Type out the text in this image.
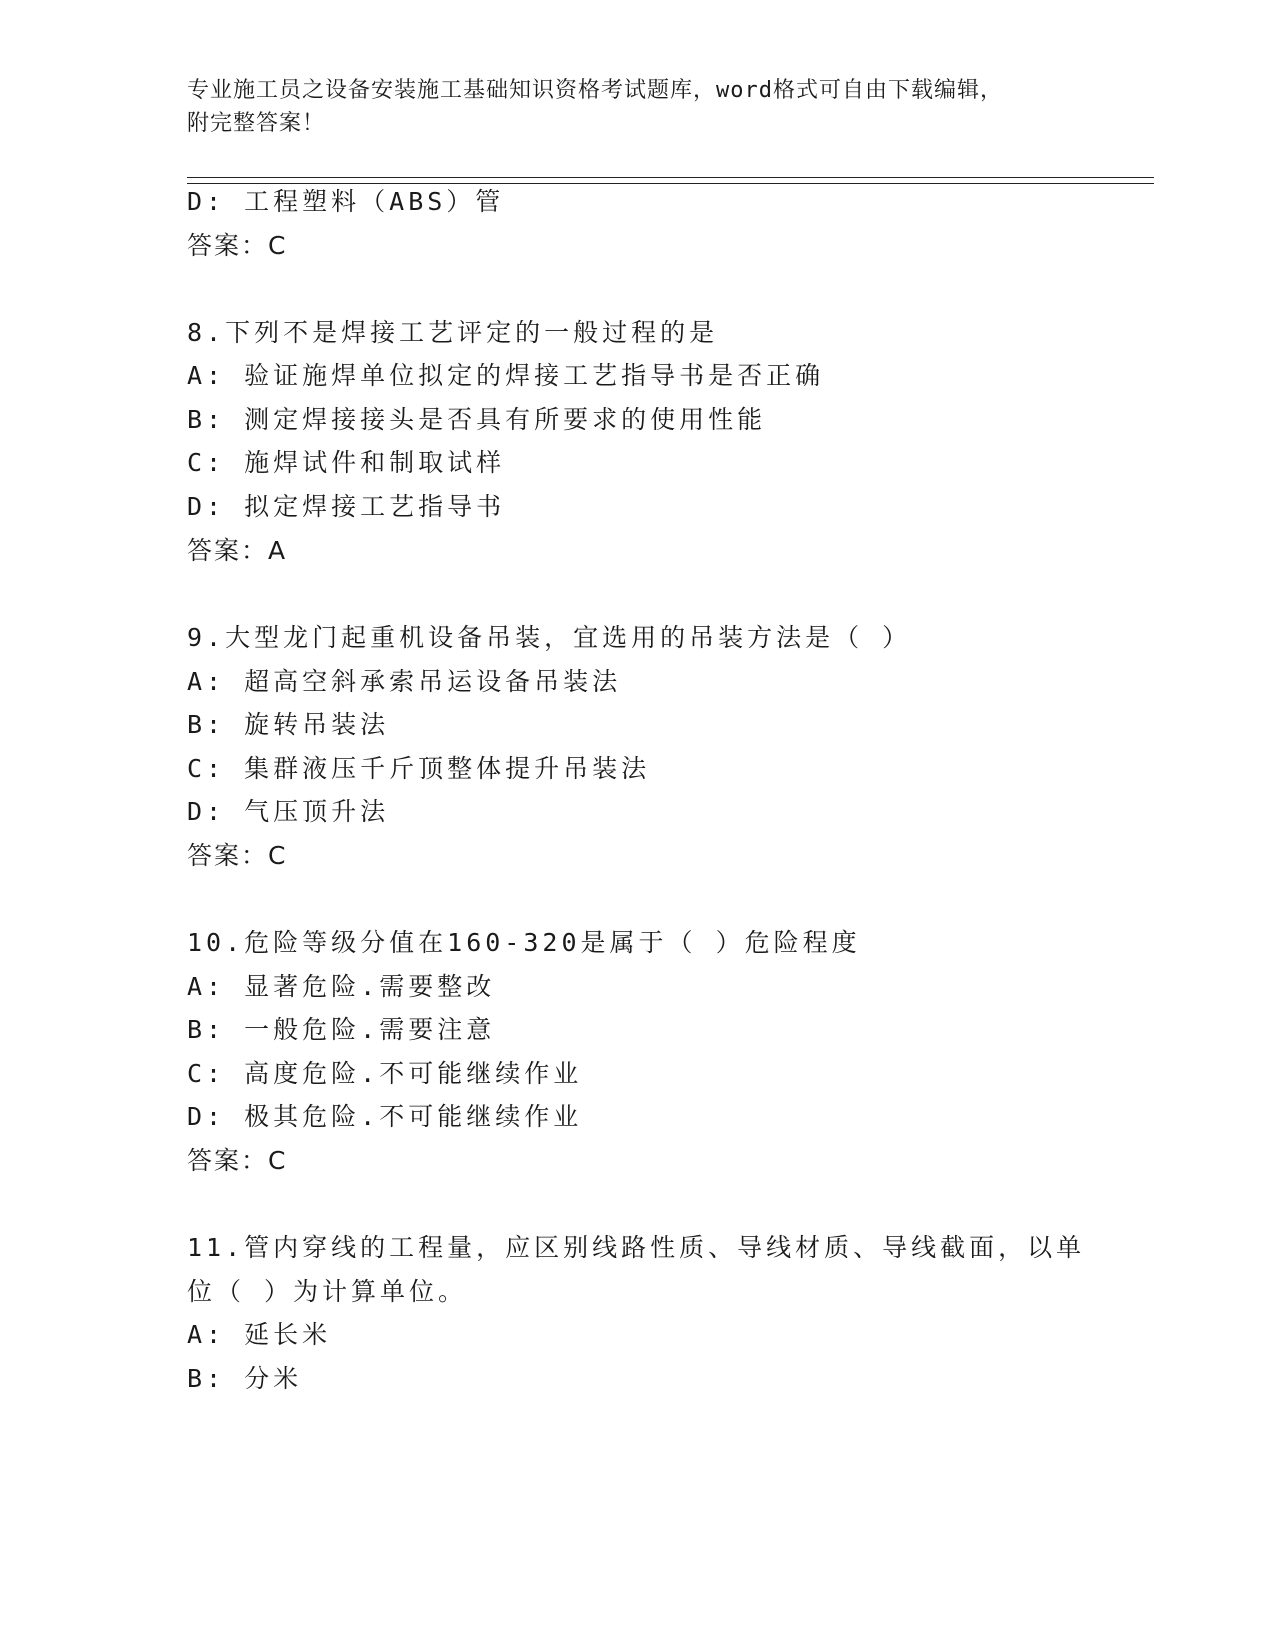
专业施工员之设备安装施工基础知识资格考试题库，word格式可自由下载编辑，
附完整答案！
D: 工程塑料（ABS）管
答案：C
8.下列不是焊接工艺评定的一般过程的是
A: 验证施焊单位拟定的焊接工艺指导书是否正确
B: 测定焊接接头是否具有所要求的使用性能
C: 施焊试件和制取试样
D: 拟定焊接工艺指导书
答案：A
9.大型龙门起重机设备吊装，宜选用的吊装方法是（ ）
A: 超高空斜承索吊运设备吊装法
B: 旋转吊装法
C: 集群液压千斤顶整体提升吊装法
D: 气压顶升法
答案：C
10.危险等级分值在160-320是属于（ ）危险程度
A: 显著危险.需要整改
B: 一般危险.需要注意
C: 高度危险.不可能继续作业
D: 极其危险.不可能继续作业
答案：C
11.管内穿线的工程量，应区别线路性质、导线材质、导线截面，以单
位（ ）为计算单位。
A: 延长米
B: 分米
